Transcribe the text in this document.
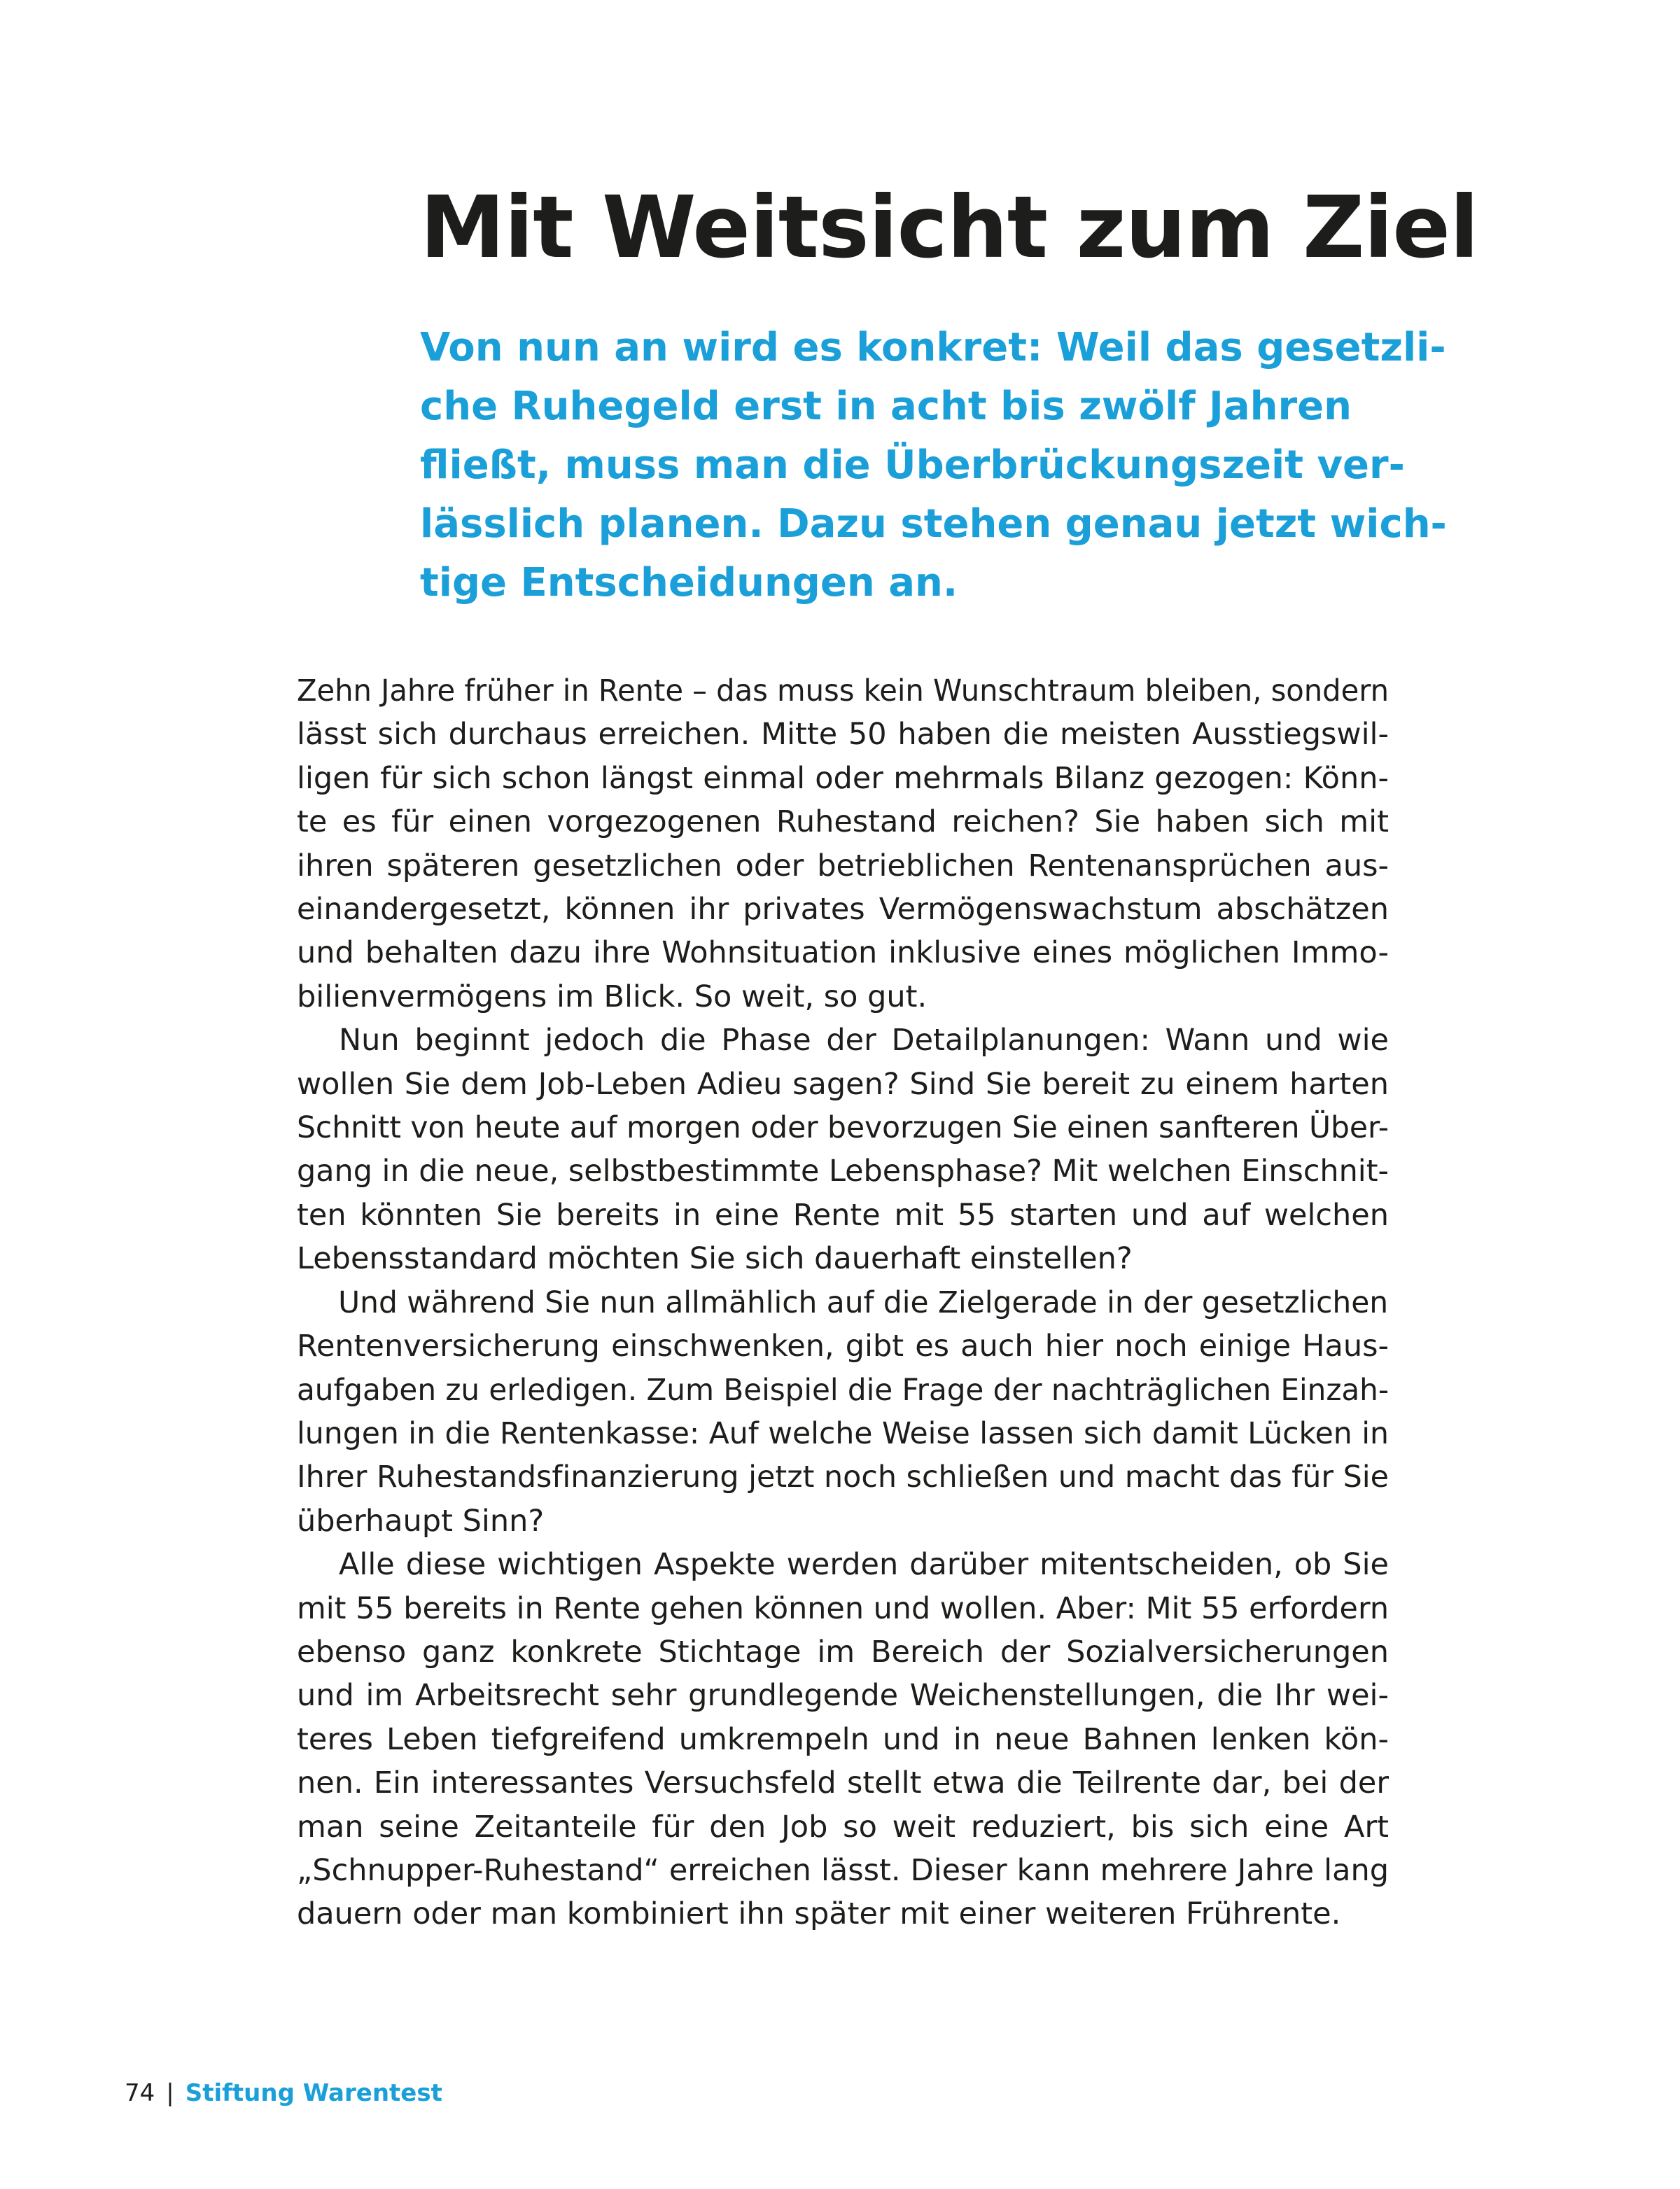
Mit Weitsicht zum Ziel
Von nun an wird es konkret: Weil das gesetzli-
che Ruhegeld erst in acht bis zwölf Jahren
fließt, muss man die Überbrückungszeit ver-
lässlich planen. Dazu stehen genau jetzt wich-
tige Entscheidungen an.

Zehn Jahre früher in Rente – das muss kein Wunschtraum bleiben, sondern
lässt sich durchaus erreichen. Mitte 50 haben die meisten Ausstiegswil-
ligen für sich schon längst einmal oder mehrmals Bilanz gezogen: Könn-
te es für einen vorgezogenen Ruhestand reichen? Sie haben sich mit
ihren späteren gesetzlichen oder betrieblichen Rentenansprüchen aus-
einandergesetzt, können ihr privates Vermögenswachstum abschätzen
und behalten dazu ihre Wohnsituation inklusive eines möglichen Immo-
bilienvermögens im Blick. So weit, so gut.

Nun beginnt jedoch die Phase der Detailplanungen: Wann und wie
wollen Sie dem Job-Leben Adieu sagen? Sind Sie bereit zu einem harten
Schnitt von heute auf morgen oder bevorzugen Sie einen sanfteren Über-
gang in die neue, selbstbestimmte Lebensphase? Mit welchen Einschnit-
ten könnten Sie bereits in eine Rente mit 55 starten und auf welchen
Lebensstandard möchten Sie sich dauerhaft einstellen?

Und während Sie nun allmählich auf die Zielgerade in der gesetzlichen
Rentenversicherung einschwenken, gibt es auch hier noch einige Haus-
aufgaben zu erledigen. Zum Beispiel die Frage der nachträglichen Einzah-
lungen in die Rentenkasse: Auf welche Weise lassen sich damit Lücken in
Ihrer Ruhestandsfinanzierung jetzt noch schließen und macht das für Sie
überhaupt Sinn?

Alle diese wichtigen Aspekte werden darüber mitentscheiden, ob Sie
mit 55 bereits in Rente gehen können und wollen. Aber: Mit 55 erfordern
ebenso ganz konkrete Stichtage im Bereich der Sozialversicherungen
und im Arbeitsrecht sehr grundlegende Weichenstellungen, die Ihr wei-
teres Leben tiefgreifend umkrempeln und in neue Bahnen lenken kön-
nen. Ein interessantes Versuchsfeld stellt etwa die Teilrente dar, bei der
man seine Zeitanteile für den Job so weit reduziert, bis sich eine Art
„Schnupper-Ruhestand“ erreichen lässt. Dieser kann mehrere Jahre lang
dauern oder man kombiniert ihn später mit einer weiteren Frührente.

74 | Stiftung Warentest
